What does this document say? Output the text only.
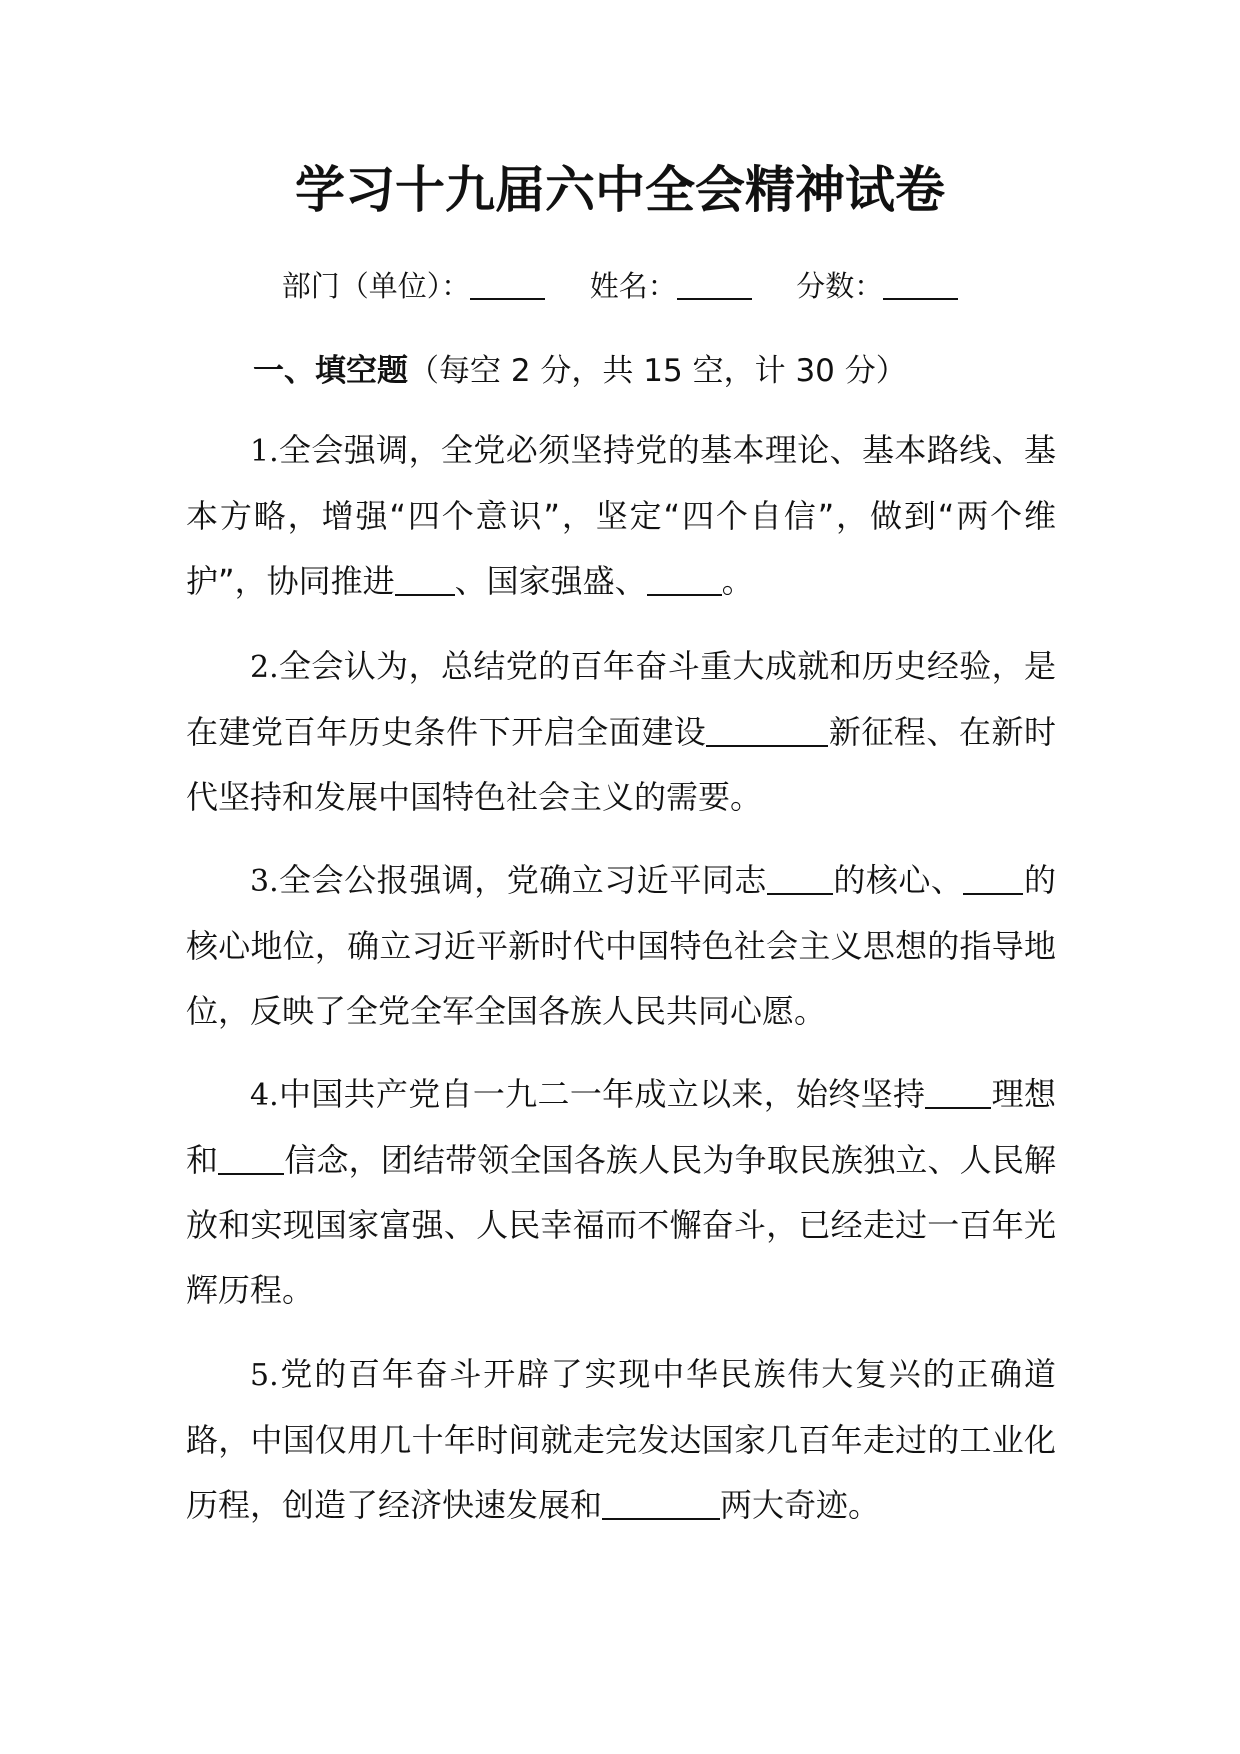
学习十九届六中全会精神试卷
部门（单位）：	姓名：	分数：
一、填空题（每空 2 分，共 15 空，计 30 分）

1.全会强调，全党必须坚持党的基本理论、基本路线、基本方略，增强“四个意识”，坚定“四个自信”，做到“两个维护”，协同推进 、国家强盛、 。

2.全会认为，总结党的百年奋斗重大成就和历史经验，是在建党百年历史条件下开启全面建设	新征程、在新时代坚持和发展中国特色社会主义的需要。

3.全会公报强调，党确立习近平同志 的核心、 的核心地位，确立习近平新时代中国特色社会主义思想的指导地位，反映了全党全军全国各族人民共同心愿。

4.中国共产党自一九二一年成立以来，始终坚持 理想和 信念，团结带领全国各族人民为争取民族独立、人民解放和实现国家富强、人民幸福而不懈奋斗，已经走过一百年光辉历程。

5.党的百年奋斗开辟了实现中华民族伟大复兴的正确道路，中国仅用几十年时间就走完发达国家几百年走过的工业化历程，创造了经济快速发展和	两大奇迹。
